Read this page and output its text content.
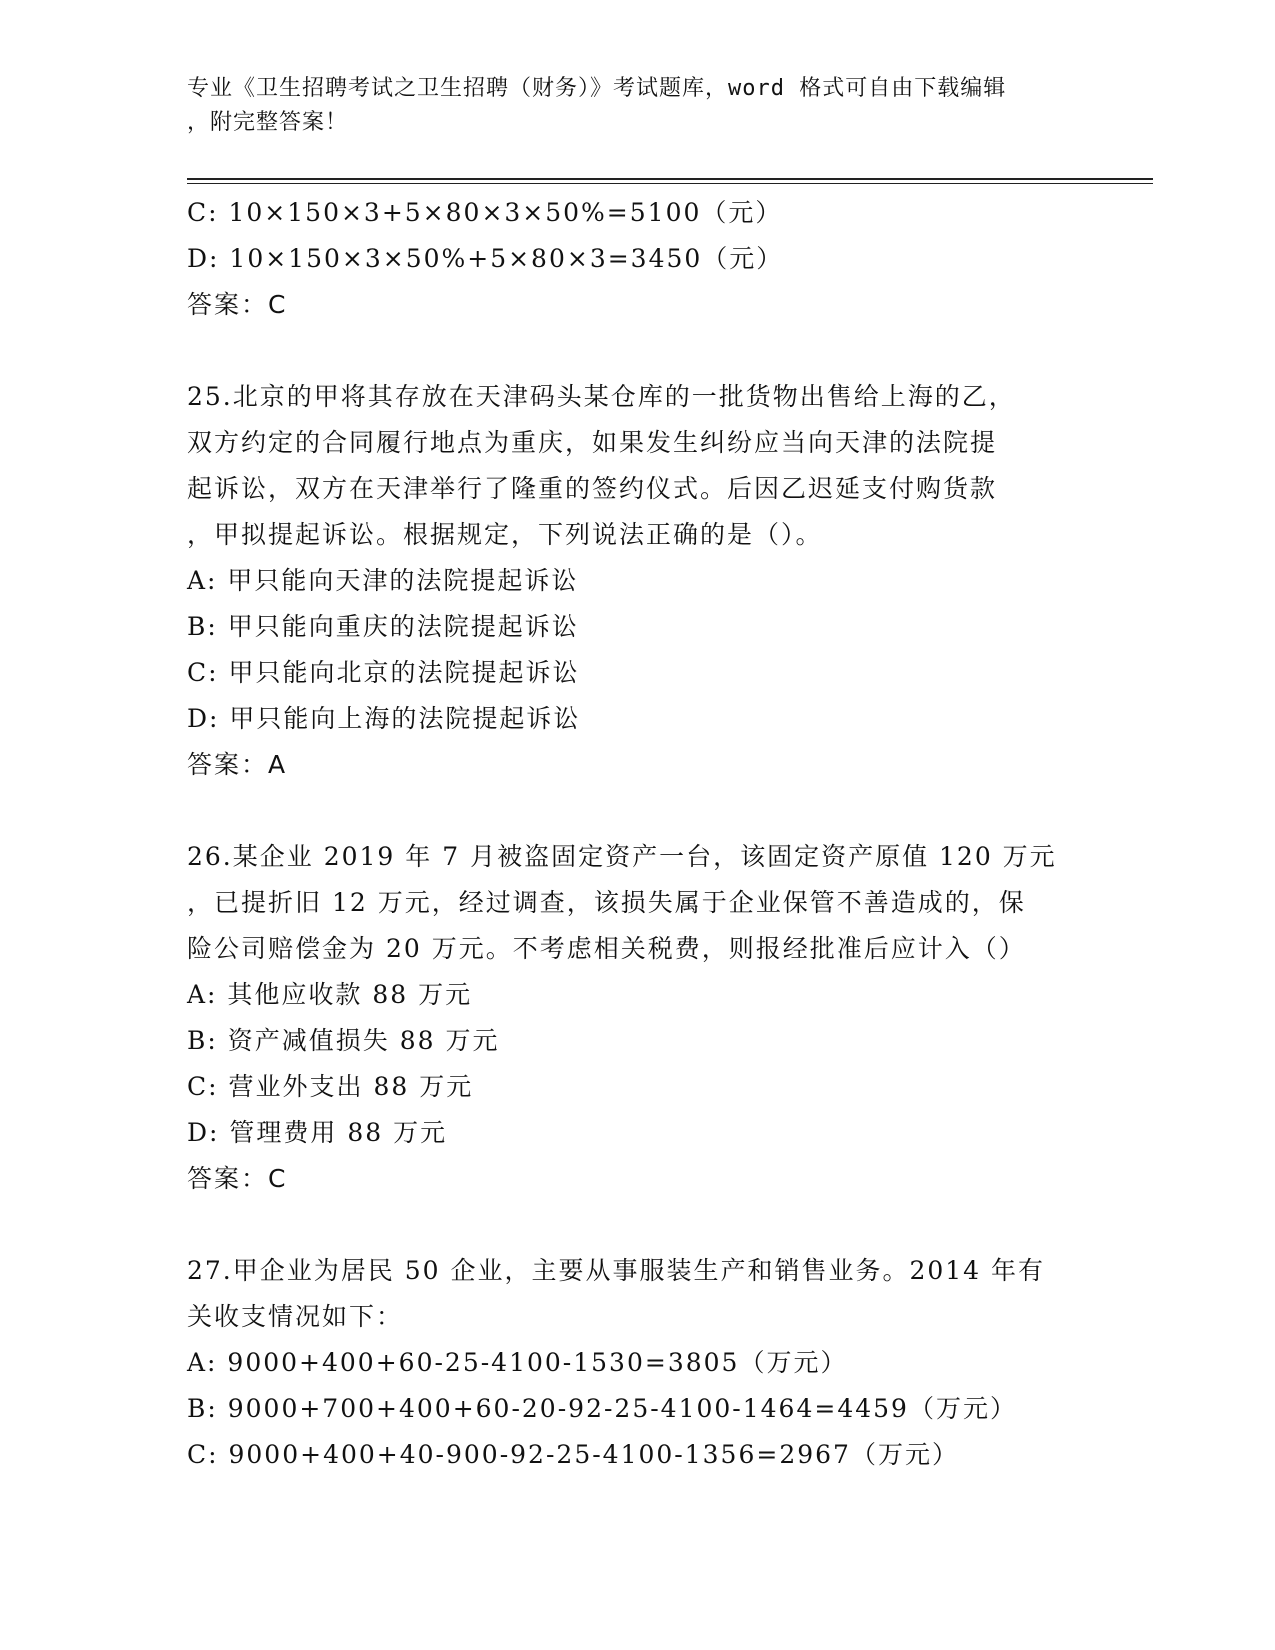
专业《卫生招聘考试之卫生招聘（财务）》考试题库，word 格式可自由下载编辑
，附完整答案！
C: 10×150×3+5×80×3×50%=5100（元）
D: 10×150×3×50%+5×80×3=3450（元）
答案：C
25.北京的甲将其存放在天津码头某仓库的一批货物出售给上海的乙，
双方约定的合同履行地点为重庆，如果发生纠纷应当向天津的法院提
起诉讼，双方在天津举行了隆重的签约仪式。后因乙迟延支付购货款
，甲拟提起诉讼。根据规定，下列说法正确的是（）。
A: 甲只能向天津的法院提起诉讼
B: 甲只能向重庆的法院提起诉讼
C: 甲只能向北京的法院提起诉讼
D: 甲只能向上海的法院提起诉讼
答案：A
26.某企业 2019 年 7 月被盗固定资产一台，该固定资产原值 120 万元
，已提折旧 12 万元，经过调查，该损失属于企业保管不善造成的，保
险公司赔偿金为 20 万元。不考虑相关税费，则报经批准后应计入（）
A: 其他应收款 88 万元
B: 资产减值损失 88 万元
C: 营业外支出 88 万元
D: 管理费用 88 万元
答案：C
27.甲企业为居民 50 企业，主要从事服装生产和销售业务。2014 年有
关收支情况如下：
A: 9000+400+60-25-4100-1530=3805（万元）
B: 9000+700+400+60-20-92-25-4100-1464=4459（万元）
C: 9000+400+40-900-92-25-4100-1356=2967（万元）
